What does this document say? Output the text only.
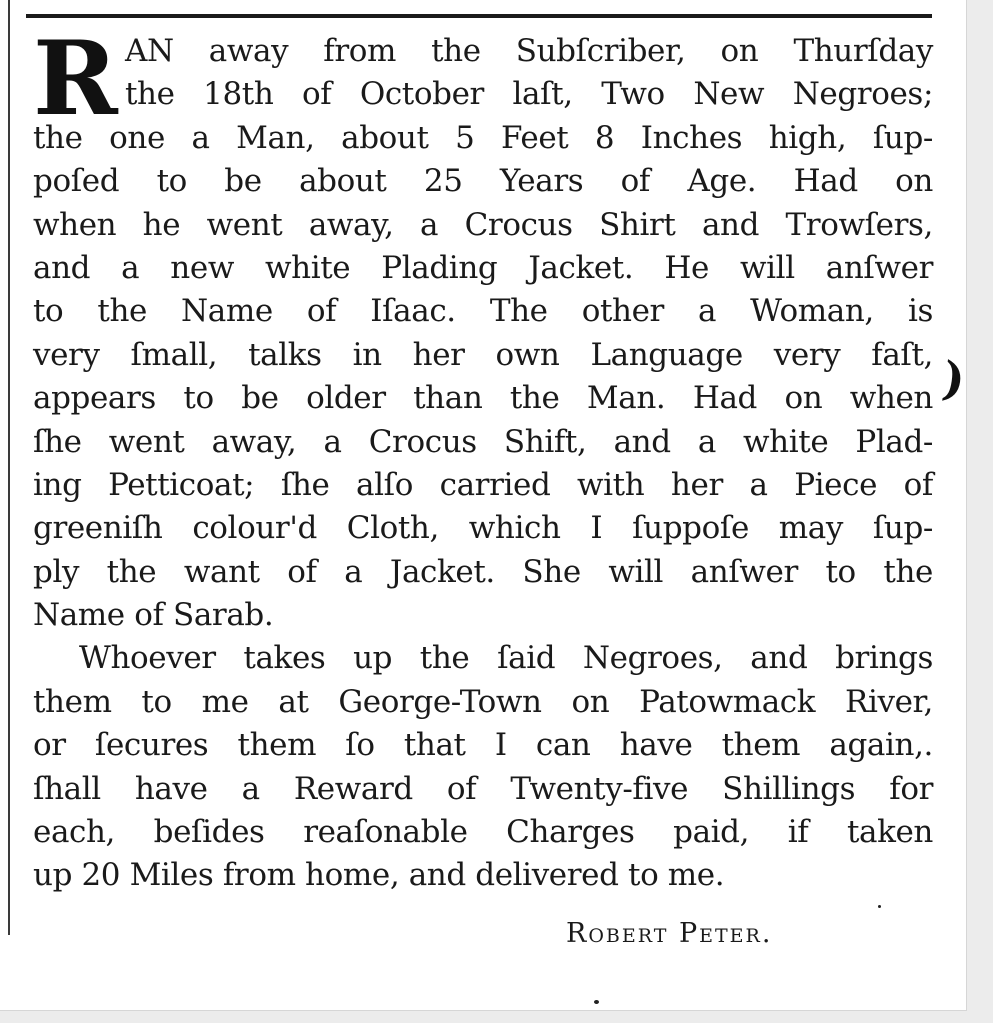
R AN away from the Subſcriber, on Thurſday
the 18th of October laſt, Two New Negroes;
the one a Man, about 5 Feet 8 Inches high, ſup-
poſed to be about 25 Years of Age. Had on
when he went away, a Crocus Shirt and Trowſers,
and a new white Plading Jacket. He will anſwer
to the Name of Iſaac. The other a Woman, is
very ſmall, talks in her own Language very faſt,
appears to be older than the Man. Had on when
ſhe went away, a Crocus Shift, and a white Plad-
ing Petticoat; ſhe alſo carried with her a Piece of
greeniſh colour'd Cloth, which I ſuppoſe may ſup-
ply the want of a Jacket. She will anſwer to the
Name of Sarab.
Whoever takes up the ſaid Negroes, and brings
them to me at George-Town on Patowmack River,
or ſecures them ſo that I can have them again,.
ſhall have a Reward of Twenty-five Shillings for
each, beſides reaſonable Charges paid, if taken
up 20 Miles from home, and delivered to me.
Robert Peter.
)
